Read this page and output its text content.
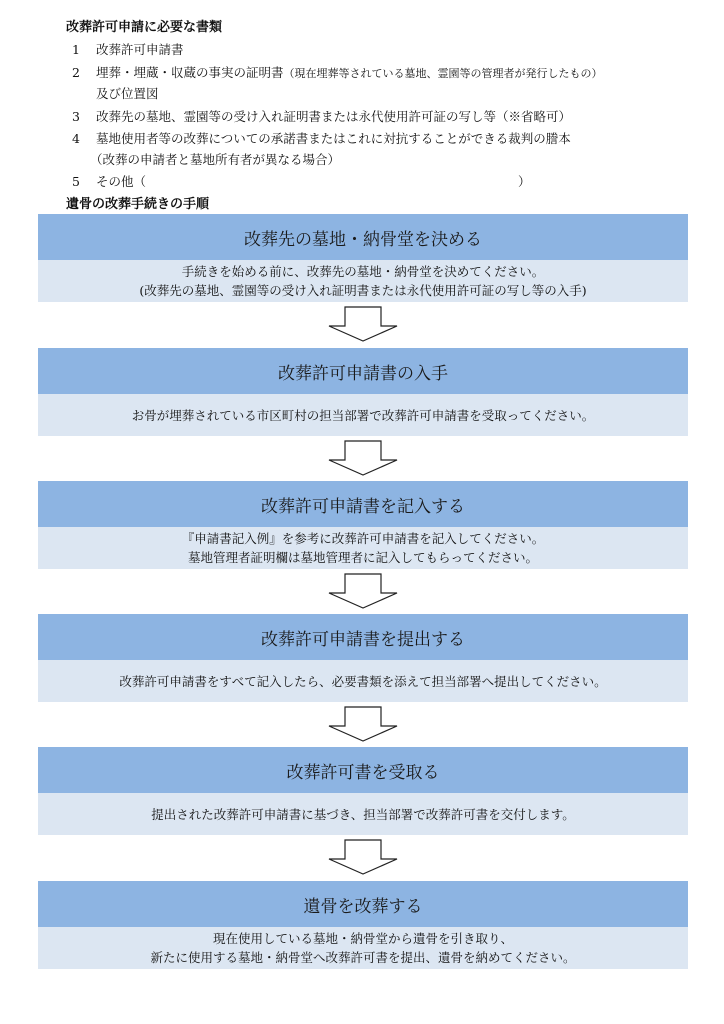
改葬許可申請に必要な書類
1 改葬許可申請書
2 埋葬・埋蔵・収蔵の事実の証明書（現在埋葬等されている墓地、霊園等の管理者が発行したもの）
及び位置図
3 改葬先の墓地、霊園等の受け入れ証明書または永代使用許可証の写し等（※省略可）
4 墓地使用者等の改葬についての承諾書またはこれに対抗することができる裁判の謄本
（改葬の申請者と墓地所有者が異なる場合）
5 その他（	）
遺骨の改葬手続きの手順
改葬先の墓地・納骨堂を決める
手続きを始める前に、改葬先の墓地・納骨堂を決めてください。
(改葬先の墓地、霊園等の受け入れ証明書または永代使用許可証の写し等の入手)
改葬許可申請書の入手
お骨が埋葬されている市区町村の担当部署で改葬許可申請書を受取ってください。
改葬許可申請書を記入する
『申請書記入例』を参考に改葬許可申請書を記入してください。
墓地管理者証明欄は墓地管理者に記入してもらってください。
改葬許可申請書を提出する
改葬許可申請書をすべて記入したら、必要書類を添えて担当部署へ提出してください。
改葬許可書を受取る
提出された改葬許可申請書に基づき、担当部署で改葬許可書を交付します。
遺骨を改葬する
現在使用している墓地・納骨堂から遺骨を引き取り、
新たに使用する墓地・納骨堂へ改葬許可書を提出、遺骨を納めてください。
